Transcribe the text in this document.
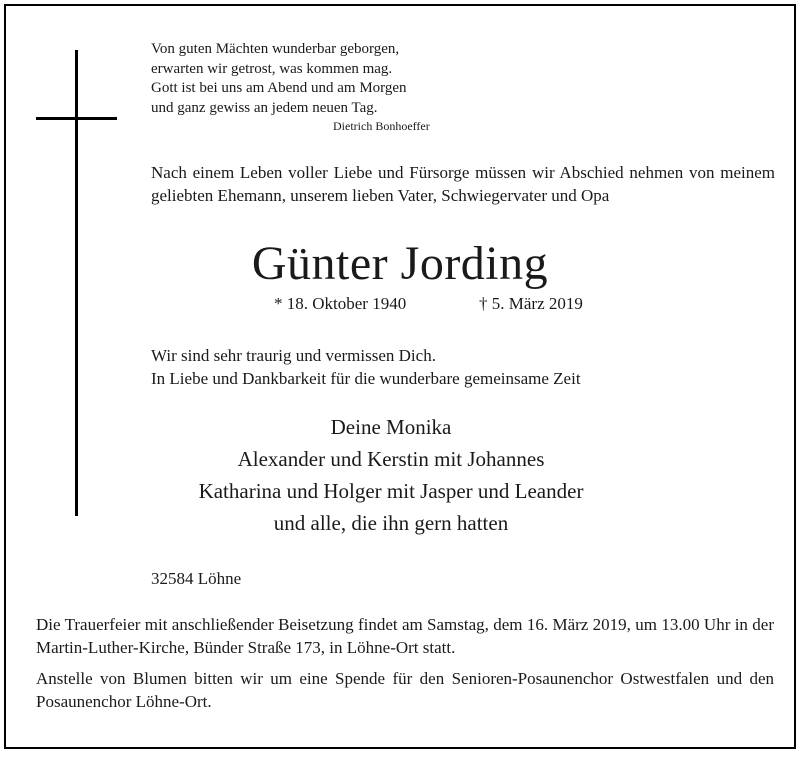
Von guten Mächten wunderbar geborgen,
erwarten wir getrost, was kommen mag.
Gott ist bei uns am Abend und am Morgen
und ganz gewiss an jedem neuen Tag.
Dietrich Bonhoeffer
Nach einem Leben voller Liebe und Fürsorge müssen wir Abschied nehmen von meinem geliebten Ehemann, unserem lieben Vater, Schwiegervater und Opa
Günter Jording
* 18. Oktober 1940	† 5. März 2019
Wir sind sehr traurig und vermissen Dich.
In Liebe und Dankbarkeit für die wunderbare gemeinsame Zeit
Deine Monika
Alexander und Kerstin mit Johannes
Katharina und Holger mit Jasper und Leander
und alle, die ihn gern hatten
32584 Löhne
Die Trauerfeier mit anschließender Beisetzung findet am Samstag, dem 16. März 2019, um 13.00 Uhr in der Martin-Luther-Kirche, Bünder Straße 173, in Löhne-Ort statt.
Anstelle von Blumen bitten wir um eine Spende für den Senioren-Posaunenchor Ostwestfalen und den Posaunenchor Löhne-Ort.
